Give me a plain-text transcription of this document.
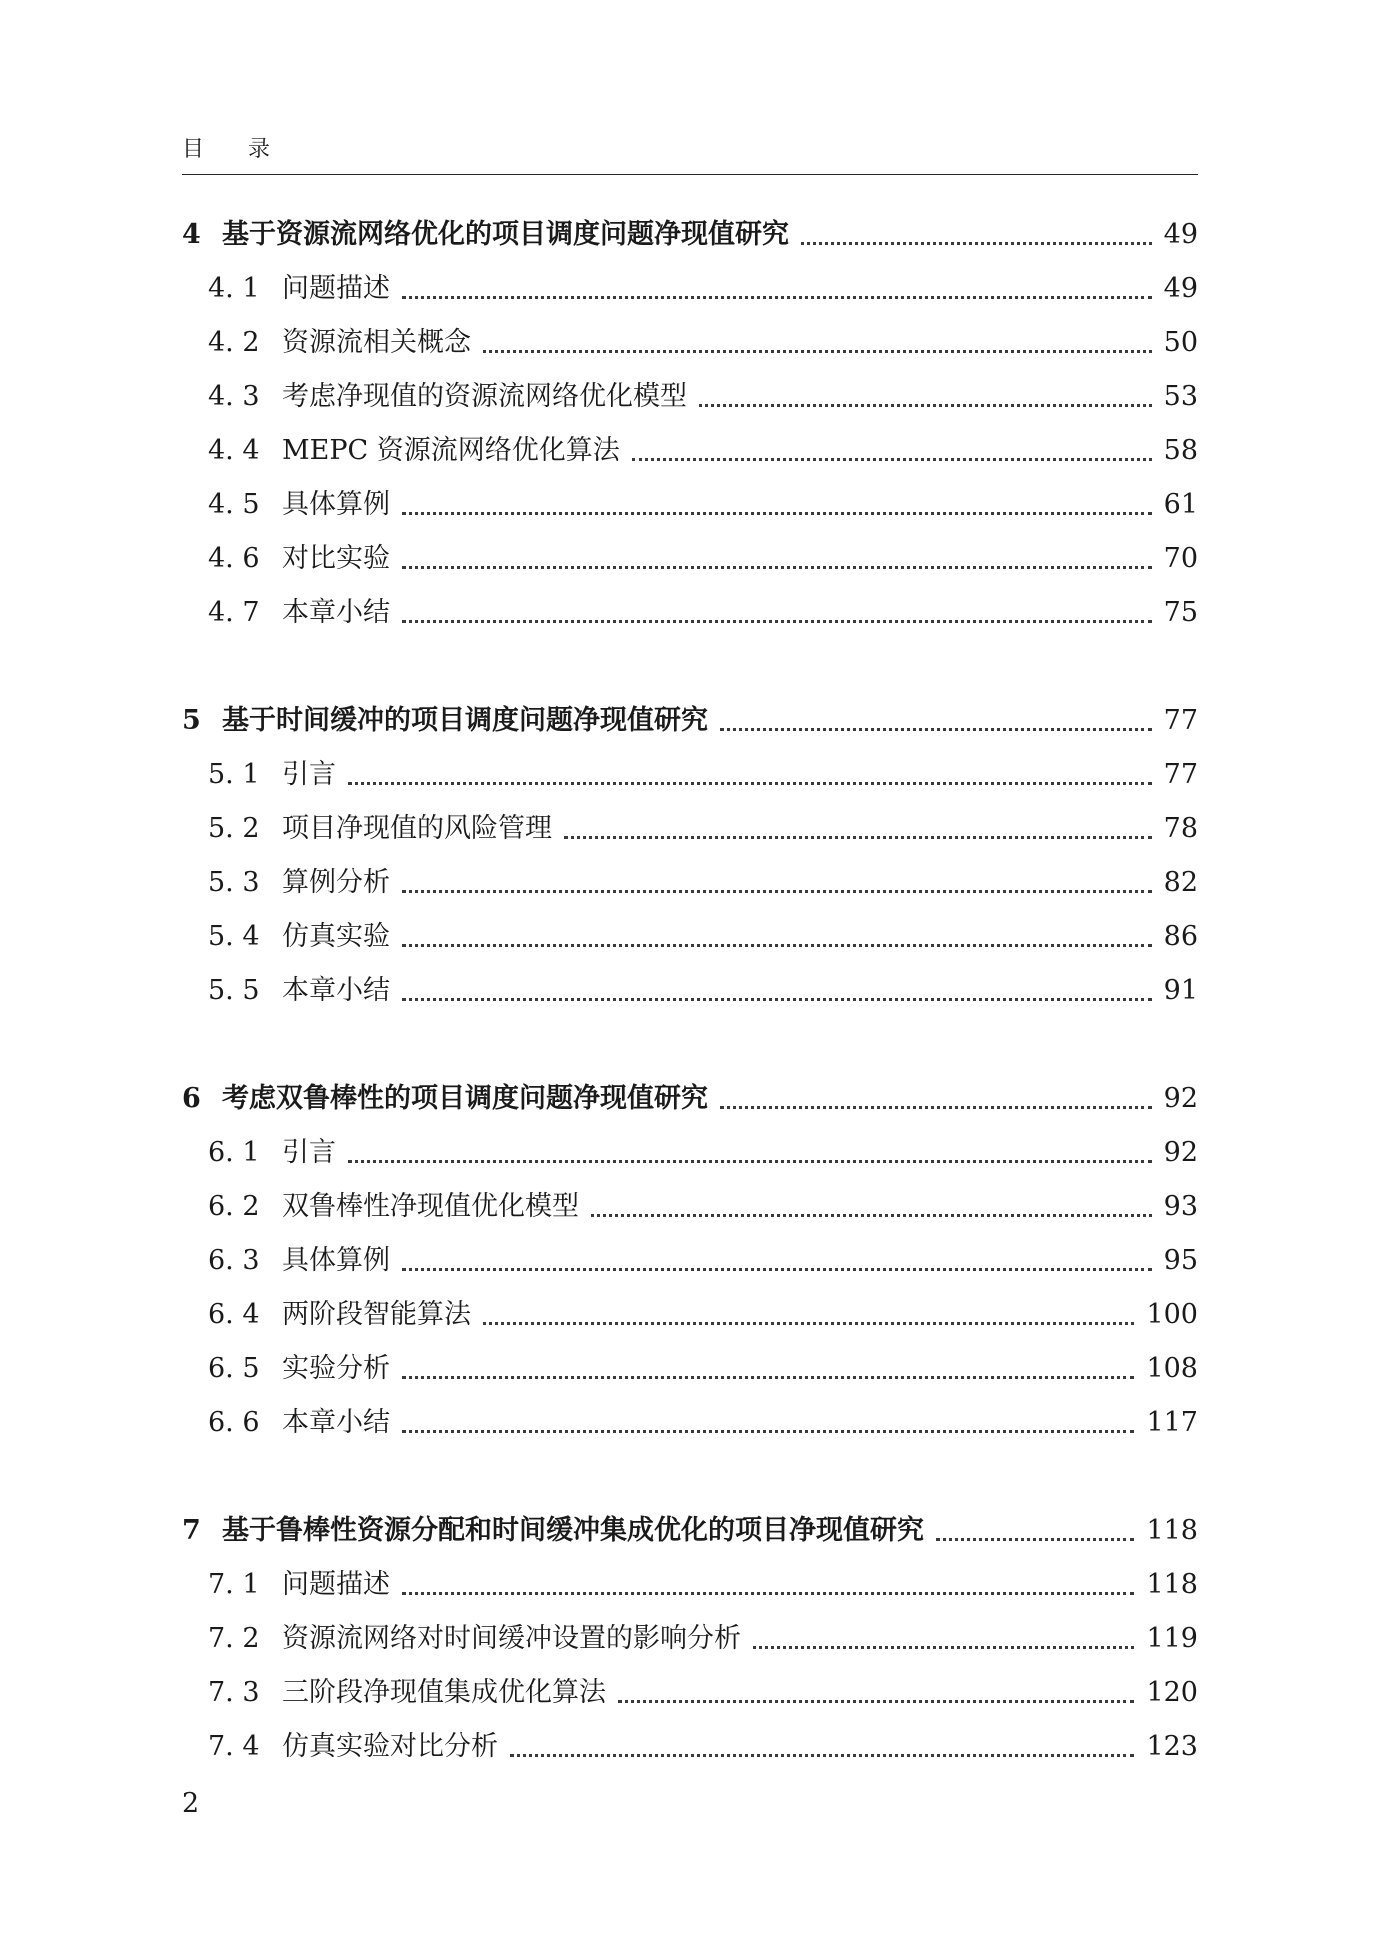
目　　录
4 基于资源流网络优化的项目调度问题净现值研究	49
4. 1 问题描述	49
4. 2 资源流相关概念	50
4. 3 考虑净现值的资源流网络优化模型	53
4. 4 MEPC 资源流网络优化算法	58
4. 5 具体算例	61
4. 6 对比实验	70
4. 7 本章小结	75
5 基于时间缓冲的项目调度问题净现值研究	77
5. 1 引言	77
5. 2 项目净现值的风险管理	78
5. 3 算例分析	82
5. 4 仿真实验	86
5. 5 本章小结	91
6 考虑双鲁棒性的项目调度问题净现值研究	92
6. 1 引言	92
6. 2 双鲁棒性净现值优化模型	93
6. 3 具体算例	95
6. 4 两阶段智能算法	100
6. 5 实验分析	108
6. 6 本章小结	117
7 基于鲁棒性资源分配和时间缓冲集成优化的项目净现值研究	118
7. 1 问题描述	118
7. 2 资源流网络对时间缓冲设置的影响分析	119
7. 3 三阶段净现值集成优化算法	120
7. 4 仿真实验对比分析	123
2
